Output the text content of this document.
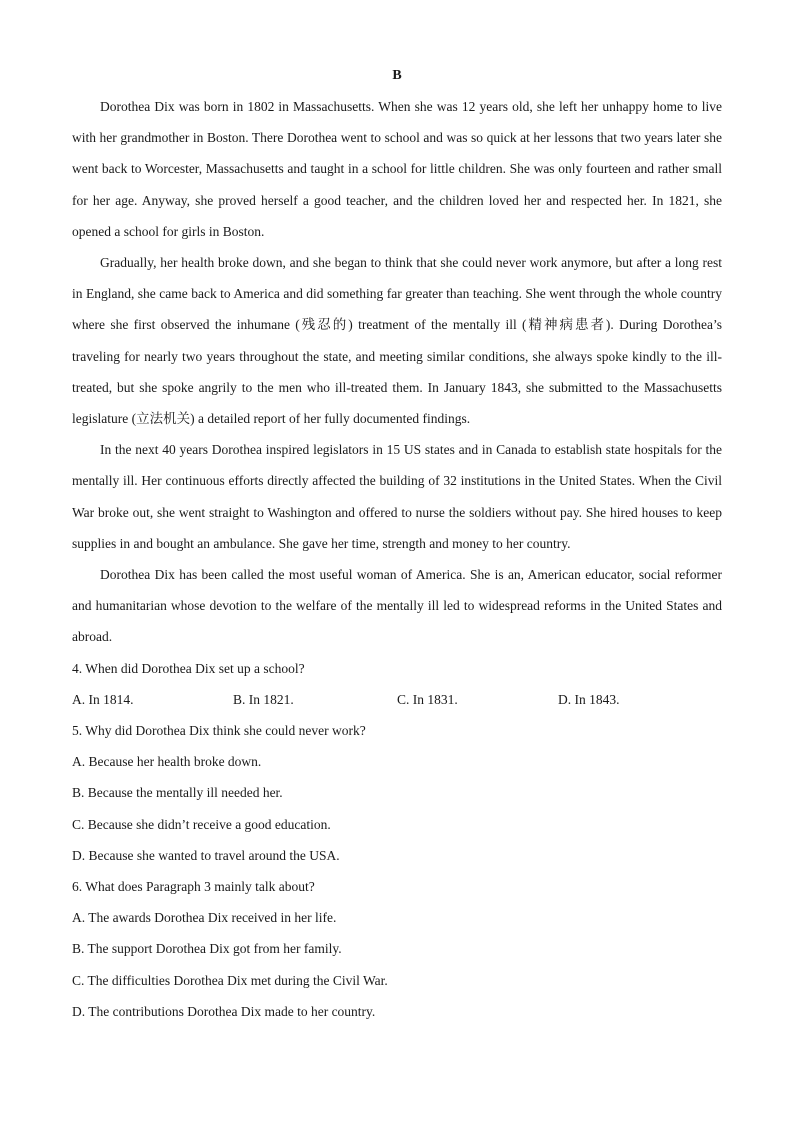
B

Dorothea Dix was born in 1802 in Massachusetts. When she was 12 years old, she left her unhappy home to live with her grandmother in Boston. There Dorothea went to school and was so quick at her lessons that two years later she went back to Worcester, Massachusetts and taught in a school for little children. She was only fourteen and rather small for her age. Anyway, she proved herself a good teacher, and the children loved her and respected her. In 1821, she opened a school for girls in Boston.

Gradually, her health broke down, and she began to think that she could never work anymore, but after a long rest in England, she came back to America and did something far greater than teaching. She went through the whole country where she first observed the inhumane (残忍的) treatment of the mentally ill (精神病患者). During Dorothea’s traveling for nearly two years throughout the state, and meeting similar conditions, she always spoke kindly to the ill-treated, but she spoke angrily to the men who ill-treated them. In January 1843, she submitted to the Massachusetts legislature (立法机关) a detailed report of her fully documented findings.

In the next 40 years Dorothea inspired legislators in 15 US states and in Canada to establish state hospitals for the mentally ill. Her continuous efforts directly affected the building of 32 institutions in the United States. When the Civil War broke out, she went straight to Washington and offered to nurse the soldiers without pay. She hired houses to keep supplies in and bought an ambulance. She gave her time, strength and money to her country.

Dorothea Dix has been called the most useful woman of America. She is an, American educator, social reformer and humanitarian whose devotion to the welfare of the mentally ill led to widespread reforms in the United States and abroad.

4. When did Dorothea Dix set up a school?

A. In 1814.	B. In 1821.	C. In 1831.	D. In 1843.

5. Why did Dorothea Dix think she could never work?

A. Because her health broke down.

B. Because the mentally ill needed her.

C. Because she didn’t receive a good education.

D. Because she wanted to travel around the USA.

6. What does Paragraph 3 mainly talk about?

A. The awards Dorothea Dix received in her life.

B. The support Dorothea Dix got from her family.

C. The difficulties Dorothea Dix met during the Civil War.

D. The contributions Dorothea Dix made to her country.
